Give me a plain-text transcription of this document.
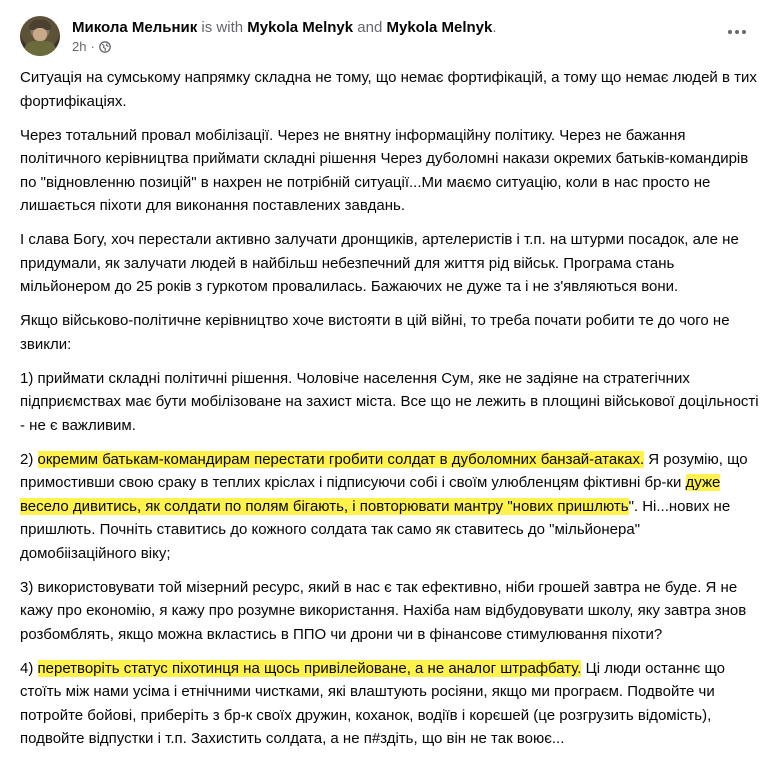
Микола Мельник is with Mykola Melnyk and Mykola Melnyk.
2h ·

Ситуація на сумському напрямку складна не тому, що немає фортифікацій, а тому що немає людей в тих фортифікаціях.

Через тотальний провал мобілізації. Через не внятну інформаційну політику. Через не бажання політичного керівництва приймати складні рішення Через дуболомні накази окремих батьків-командирів по "відновленню позицій" в нахрен не потрібній ситуації...Ми маємо ситуацію, коли в нас просто не лишається піхоти для виконання поставлених завдань.

І слава Богу, хоч перестали активно залучати дронщиків, артелеристів і т.п. на штурми посадок, але не придумали, як залучати людей в найбільш небезпечний для життя рід військ. Програма стань мільйонером до 25 років з гуркотом провалилась. Бажаючих не дуже та і не з'являються вони.

Якщо військово-політичне керівництво хоче вистояти в цій війні, то треба почати робити те до чого не звикли:

1) приймати складні політичні рішення. Чоловіче населення Сум, яке не задіяне на стратегічних підприємствах має бути мобілізоване на захист міста. Все що не лежить в площині військової доцільності - не є важливим.

2) окремим батькам-командирам перестати гробити солдат в дуболомних банзай-атаках. Я розумію, що примостивши свою сраку в теплих кріслах і підписуючи собі і своїм улюбленцям фіктивні бр-ки дуже весело дивитись, як солдати по полям бігають, і повторювати мантру "нових пришлють". Ні...нових не пришлють. Почніть ставитись до кожного солдата так само як ставитесь до "мільйонера" домобіізаційного віку;

3) використовувати той мізерний ресурс, який в нас є так ефективно, ніби грошей завтра не буде. Я не кажу про економію, я кажу про розумне використання. Нахіба нам відбудовувати школу, яку завтра знов розбомблять, якщо можна вкластись в ППО чи дрони чи в фінансове стимулювання піхоти?

4) перетворіть статус піхотинця на щось привілейоване, а не аналог штрафбату. Ці люди останнє що стоїть між нами усіма і етнічними чистками, які влаштують росіяни, якщо ми програєм. Подвойте чи потройте бойові, приберіть з бр-к своїх дружин, коханок, водіїв і корєшей (це розгрузить відомість), подвойте відпустки і т.п. Захистить солдата, а не п#здіть, що він не так воює...
